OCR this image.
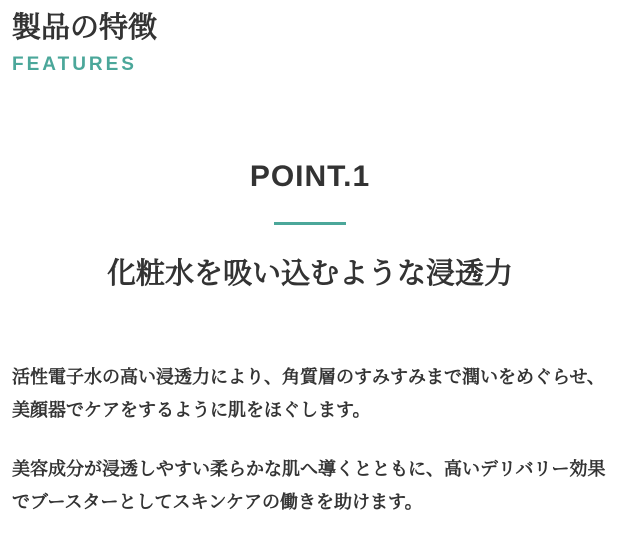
製品の特徴
FEATURES
POINT.1
化粧水を吸い込むような浸透力

活性電子水の高い浸透力により、角質層のすみすみまで潤いをめぐらせ、
美顔器でケアをするように肌をほぐします。

美容成分が浸透しやすい柔らかな肌へ導くとともに、高いデリバリー効果
でブースターとしてスキンケアの働きを助けます。
